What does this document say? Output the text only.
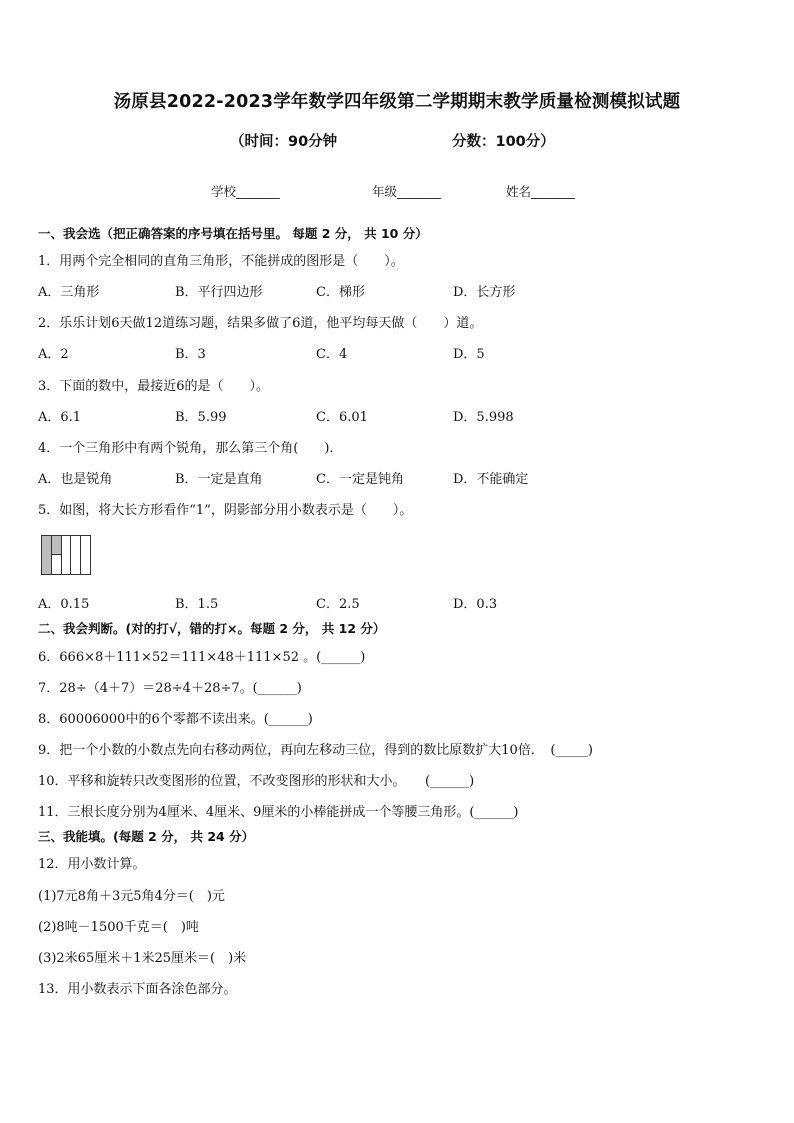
汤原县2022-2023学年数学四年级第二学期期末教学质量检测模拟试题
（时间：90分钟	分数：100分）
学校_______	年级_______	姓名_______
一、我会选（把正确答案的序号填在括号里。 每题 2 分， 共 10 分）
1．用两个完全相同的直角三角形，不能拼成的图形是（　　）。
A．三角形	B．平行四边形	C．梯形	D．长方形
2．乐乐计划6天做12道练习题，结果多做了6道，他平均每天做（　　）道。
A．2	B．3	C．4	D．5
3．下面的数中，最接近6的是（　　）。
A．6.1	B．5.99	C．6.01	D．5.998
4．一个三角形中有两个锐角，那么第三个角(　　)．
A．也是锐角	B．一定是直角	C．一定是钝角	D．不能确定
5．如图，将大长方形看作“1”，阴影部分用小数表示是（　　）。
A．0.15	B．1.5	C．2.5	D．0.3
二、我会判断。(对的打√，错的打×。每题 2 分， 共 12 分）
6．666×8＋111×52＝111×48＋111×52 。(______)
7．28÷（4＋7）＝28÷4＋28÷7。(______)
8．60006000中的6个零都不读出来。(______)
9．把一个小数的小数点先向右移动两位，再向左移动三位，得到的数比原数扩大10倍．　(_____)
10．平移和旋转只改变图形的位置，不改变图形的形状和大小。　　(______)
11．三根长度分别为4厘米、4厘米、9厘米的小棒能拼成一个等腰三角形。(______)
三、我能填。(每题 2 分， 共 24 分）
12．用小数计算。
(1)7元8角＋3元5角4分＝(　)元
(2)8吨－1500千克＝(　)吨
(3)2米65厘米＋1米25厘米＝(　)米
13．用小数表示下面各涂色部分。
